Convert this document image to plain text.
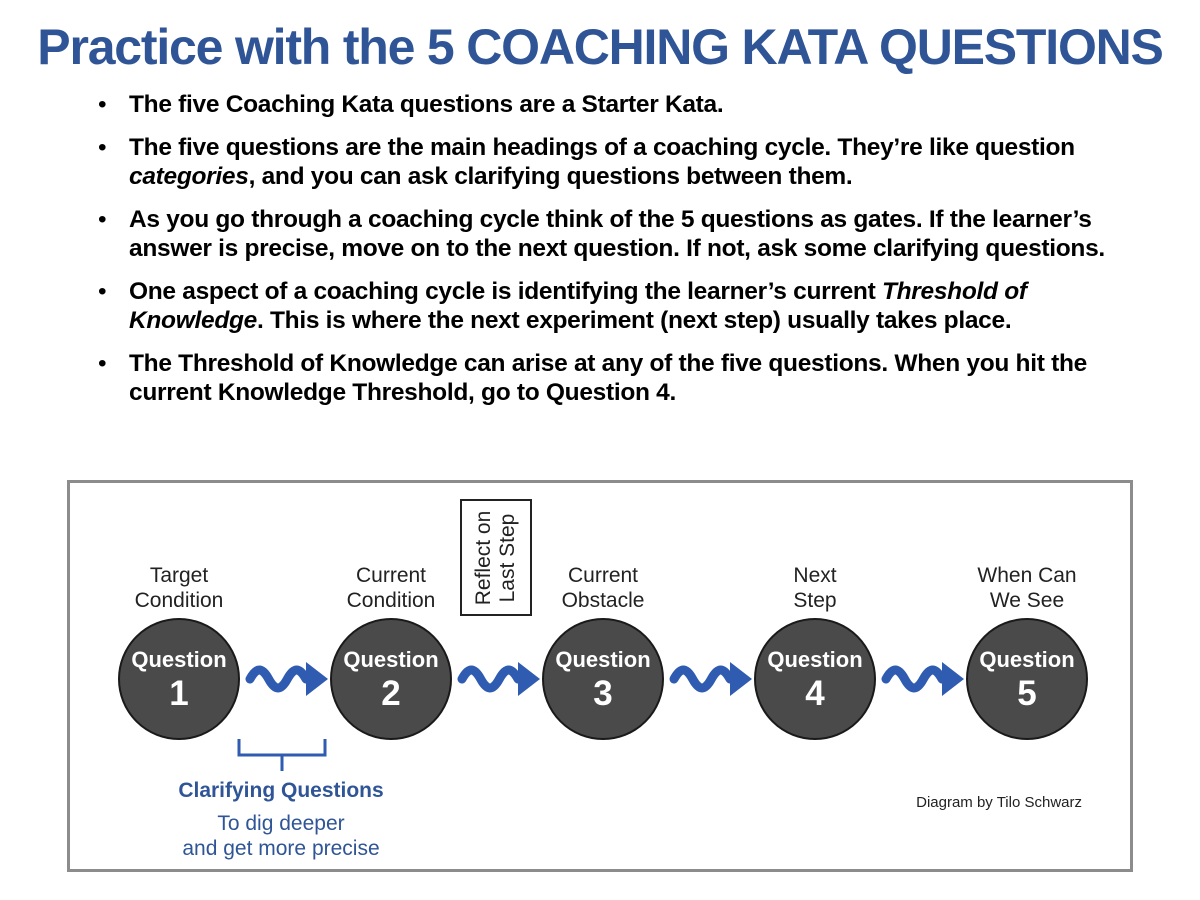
Practice with the 5 COACHING KATA QUESTIONS
• The five Coaching Kata questions are a Starter Kata.
• The five questions are the main headings of a coaching cycle. They’re like question categories, and you can ask clarifying questions between them.
• As you go through a coaching cycle think of the 5 questions as gates. If the learner’s answer is precise, move on to the next question. If not, ask some clarifying questions.
• One aspect of a coaching cycle is identifying the learner’s current Threshold of Knowledge. This is where the next experiment (next step) usually takes place.
• The Threshold of Knowledge can arise at any of the five questions. When you hit the current Knowledge Threshold, go to Question 4.
Target
Condition
Question
1
Current
Condition
Question
2
Current
Obstacle
Question
3
Next
Step
Question
4
When Can
We See
Question
5
Reflect on Last Step
Clarifying Questions
To dig deeper
and get more precise
Diagram by Tilo Schwarz
